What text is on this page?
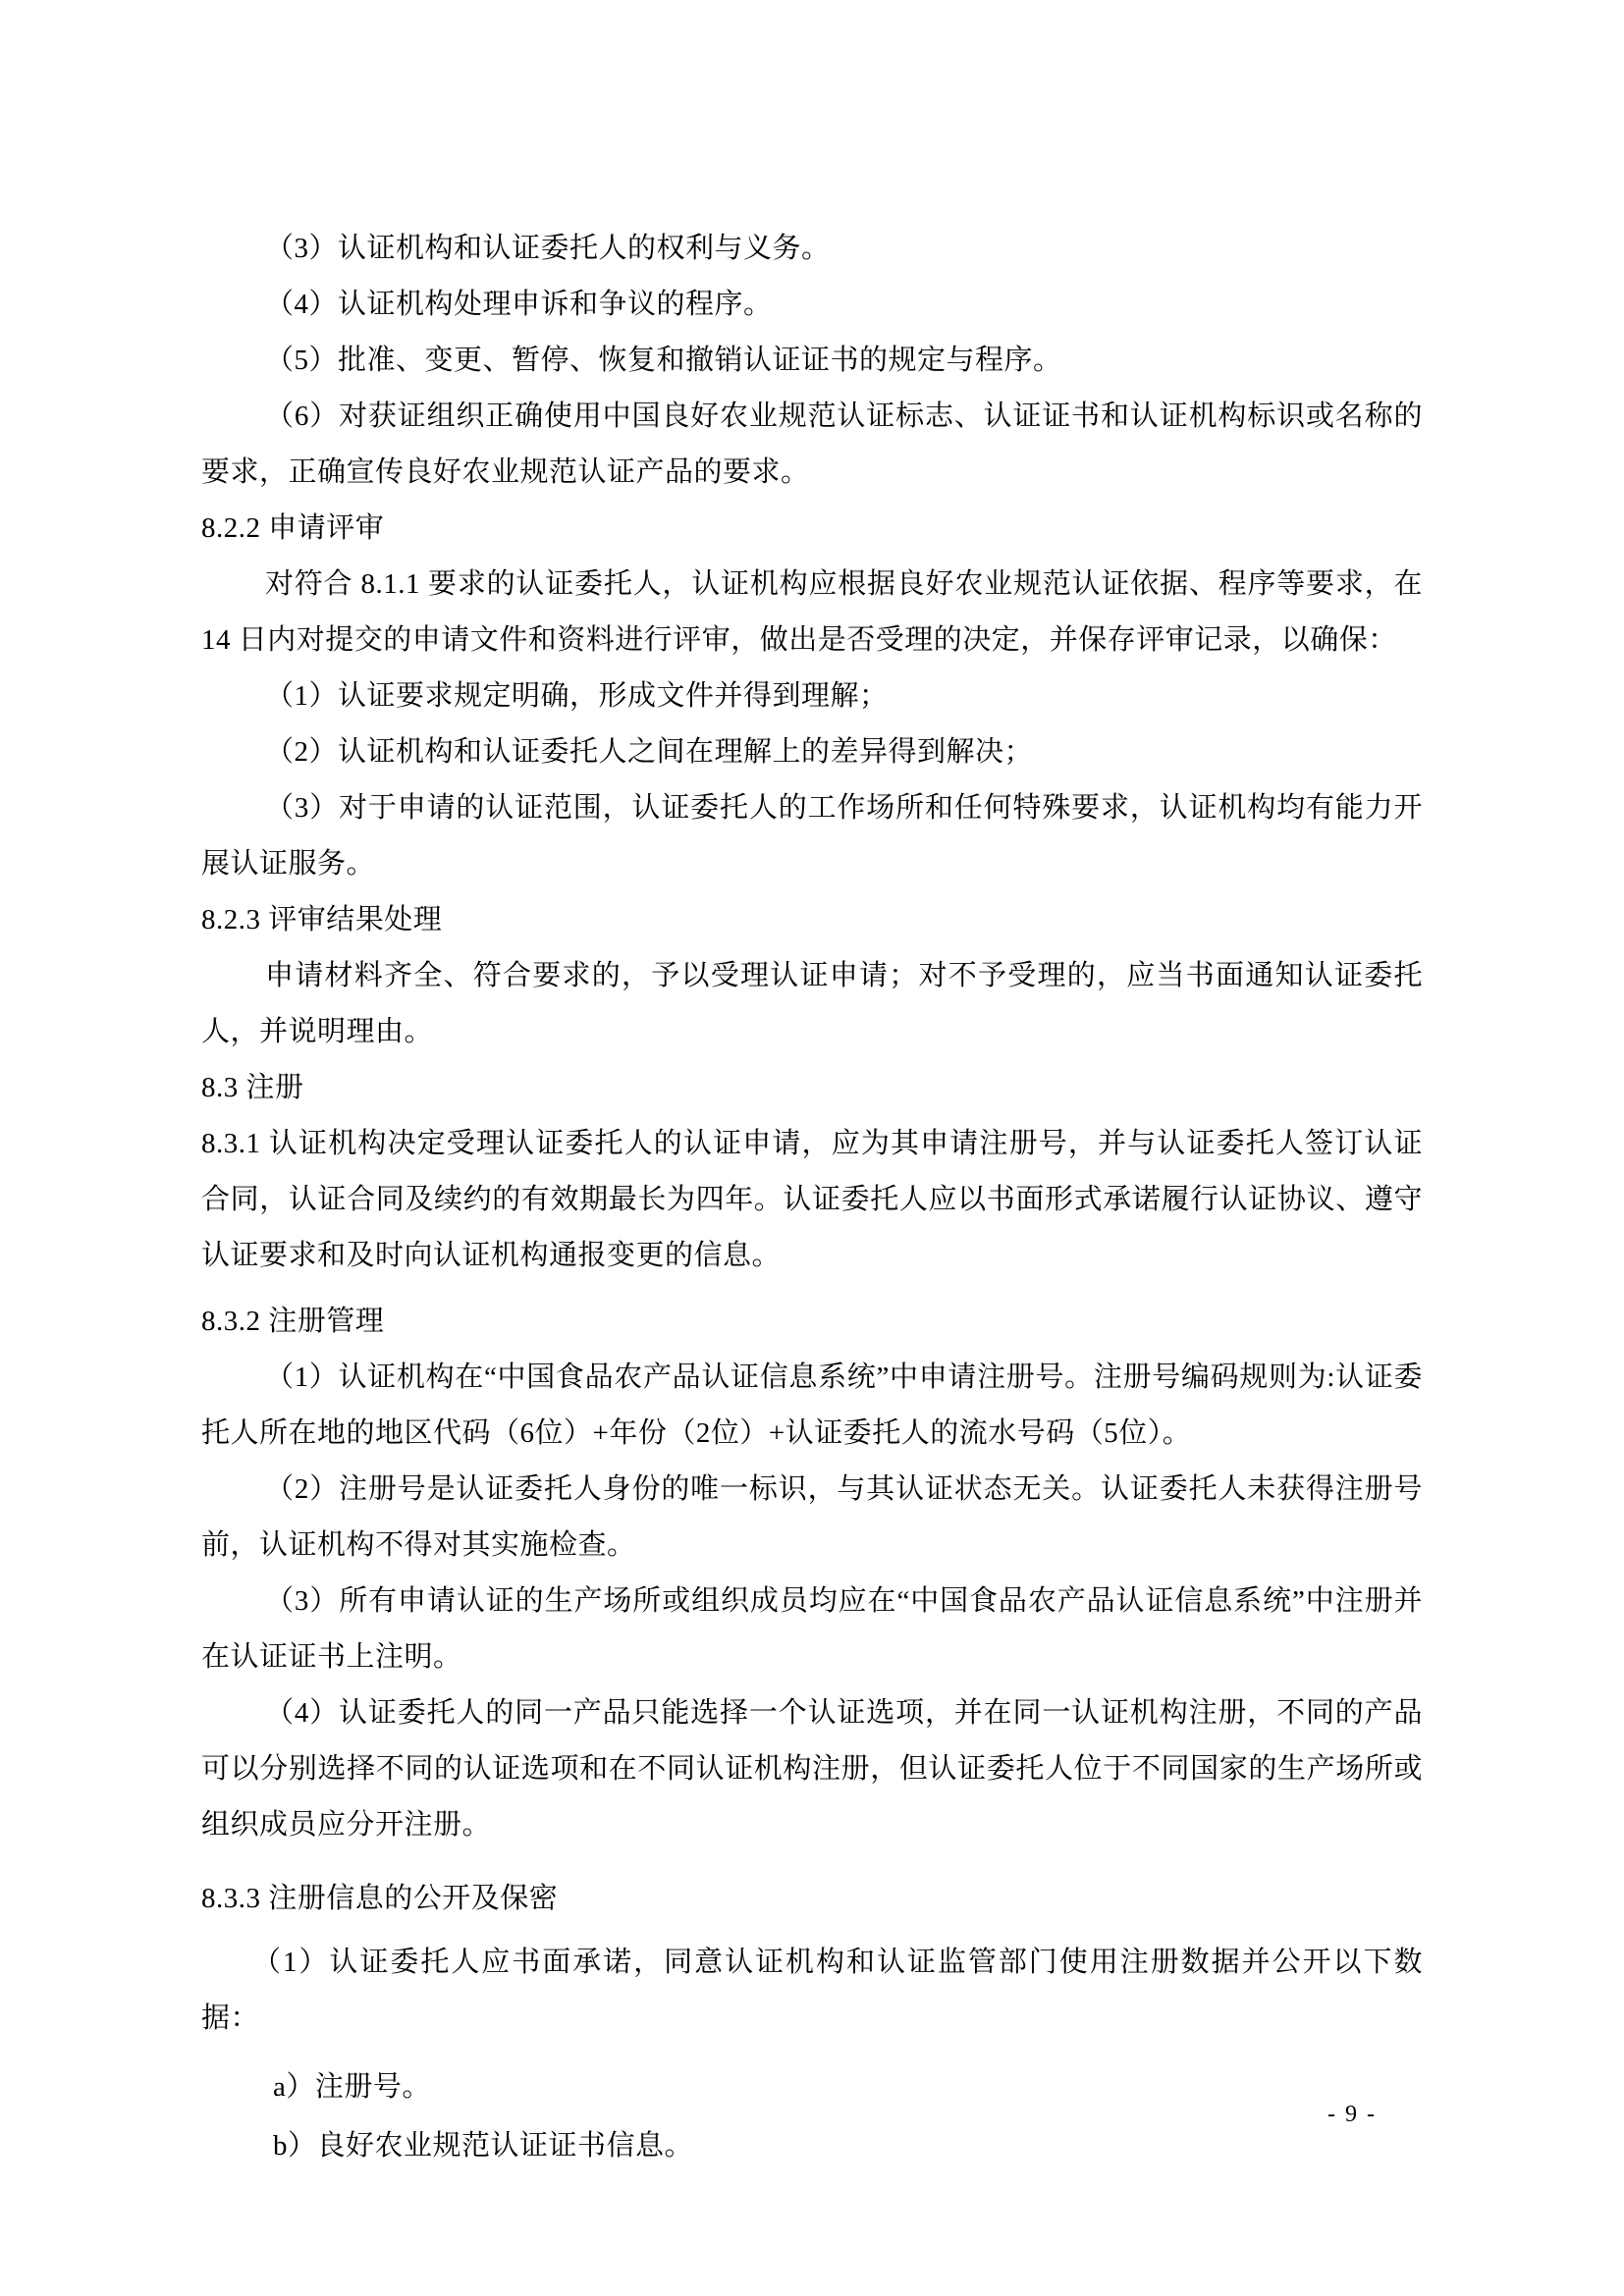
（3）认证机构和认证委托人的权利与义务。

（4）认证机构处理申诉和争议的程序。

（5）批准、变更、暂停、恢复和撤销认证证书的规定与程序。

（6）对获证组织正确使用中国良好农业规范认证标志、认证证书和认证机构标识或名称的要求，正确宣传良好农业规范认证产品的要求。

8.2.2 申请评审

对符合 8.1.1 要求的认证委托人，认证机构应根据良好农业规范认证依据、程序等要求，在 14 日内对提交的申请文件和资料进行评审，做出是否受理的决定，并保存评审记录，以确保：

（1）认证要求规定明确，形成文件并得到理解；

（2）认证机构和认证委托人之间在理解上的差异得到解决；

（3）对于申请的认证范围，认证委托人的工作场所和任何特殊要求，认证机构均有能力开展认证服务。

8.2.3 评审结果处理

申请材料齐全、符合要求的，予以受理认证申请；对不予受理的，应当书面通知认证委托人，并说明理由。

8.3 注册

8.3.1 认证机构决定受理认证委托人的认证申请，应为其申请注册号，并与认证委托人签订认证合同，认证合同及续约的有效期最长为四年。认证委托人应以书面形式承诺履行认证协议、遵守认证要求和及时向认证机构通报变更的信息。

8.3.2 注册管理

（1）认证机构在“中国食品农产品认证信息系统”中申请注册号。注册号编码规则为:认证委托人所在地的地区代码（6位）+年份（2位）+认证委托人的流水号码（5位）。

（2）注册号是认证委托人身份的唯一标识，与其认证状态无关。认证委托人未获得注册号前，认证机构不得对其实施检查。

（3）所有申请认证的生产场所或组织成员均应在“中国食品农产品认证信息系统”中注册并在认证证书上注明。

（4）认证委托人的同一产品只能选择一个认证选项，并在同一认证机构注册，不同的产品可以分别选择不同的认证选项和在不同认证机构注册，但认证委托人位于不同国家的生产场所或组织成员应分开注册。

8.3.3 注册信息的公开及保密

（1）认证委托人应书面承诺，同意认证机构和认证监管部门使用注册数据并公开以下数据：

a）注册号。

b）良好农业规范认证证书信息。

- 9 -
